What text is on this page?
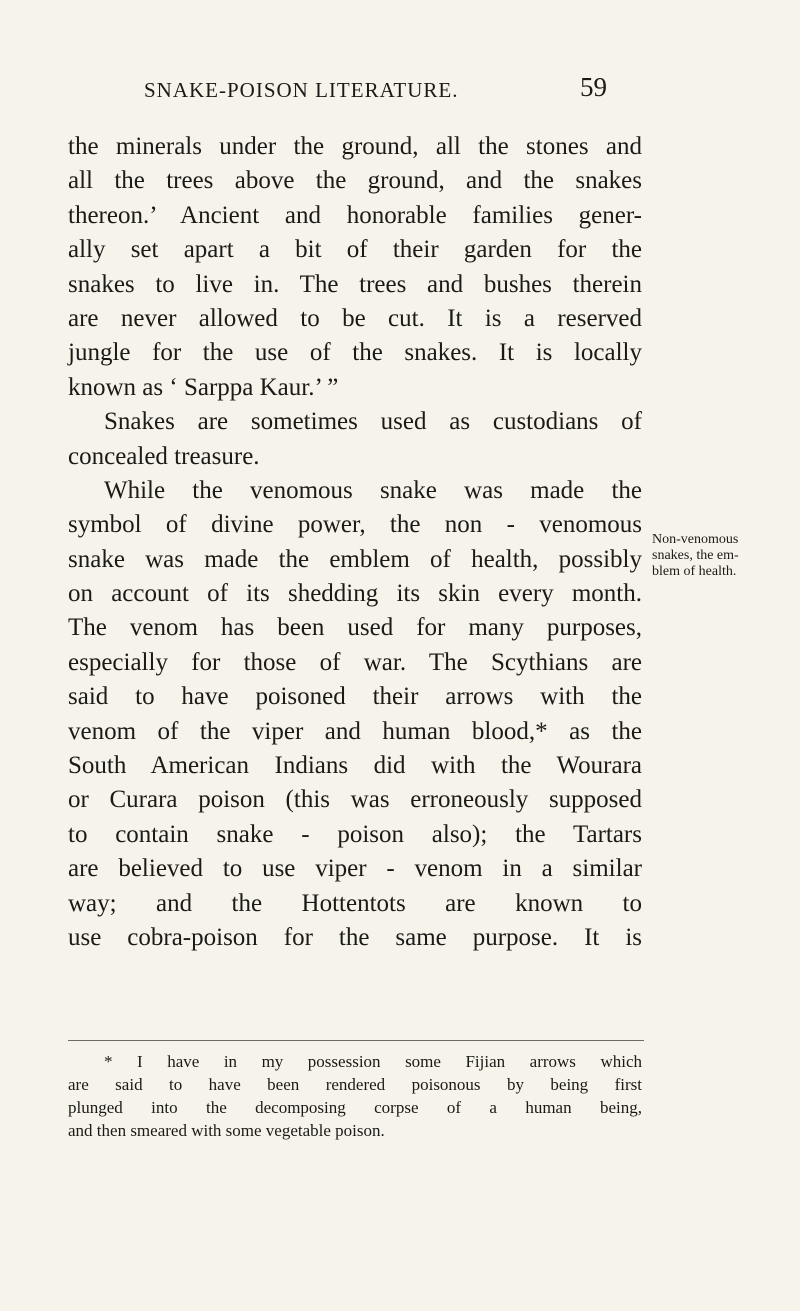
SNAKE-POISON LITERATURE.	59
the minerals under the ground, all the stones and
all the trees above the ground, and the snakes
thereon.’ Ancient and honorable families gener-
ally set apart a bit of their garden for the
snakes to live in. The trees and bushes therein
are never allowed to be cut. It is a reserved
jungle for the use of the snakes. It is locally
known as ‘ Sarppa Kaur.’ ”
Snakes are sometimes used as custodians of
concealed treasure.
While the venomous snake was made the
symbol of divine power, the non - venomous
snake was made the emblem of health, possibly
on account of its shedding its skin every month.
The venom has been used for many purposes,
especially for those of war. The Scythians are
said to have poisoned their arrows with the
venom of the viper and human blood,* as the
South American Indians did with the Wourara
or Curara poison (this was erroneously supposed
to contain snake - poison also); the Tartars
are believed to use viper - venom in a similar
way; and the Hottentots are known to
use cobra-poison for the same purpose. It is
Non-venomous
snakes, the em-
blem of health.
* I have in my possession some Fijian arrows which
are said to have been rendered poisonous by being first
plunged into the decomposing corpse of a human being,
and then smeared with some vegetable poison.
